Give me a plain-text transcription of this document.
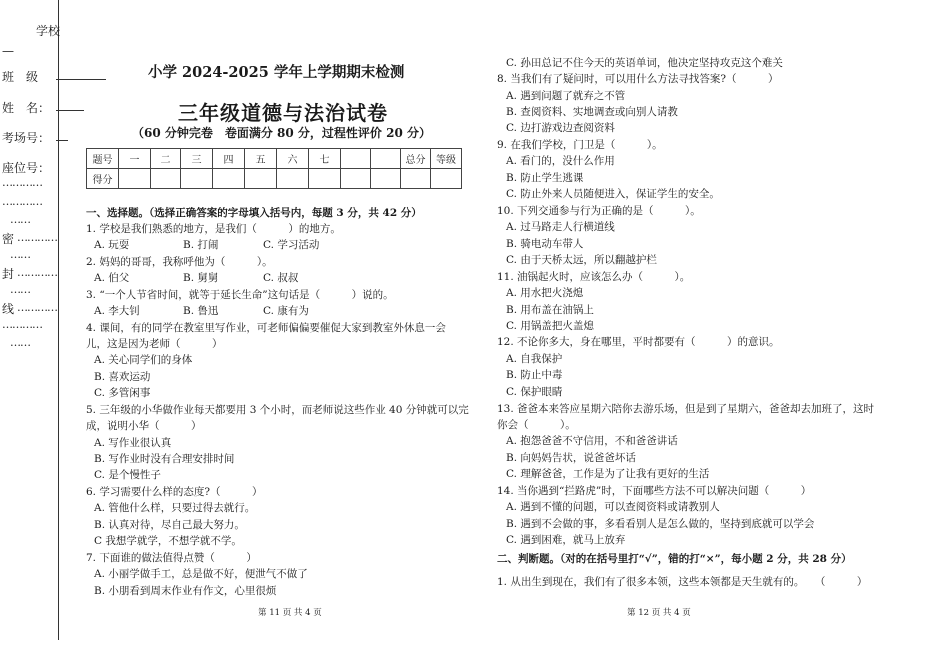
学校
—
班　级
姓　名：
考场号：
座位号：
…………
…………
……
密 …………
……
封 …………
……
线 …………
…………
……
小学 2024-2025 学年上学期期末检测
三年级道德与法治试卷
（60 分钟完卷　卷面满分 80 分，过程性评价 20 分）
题号	一	二	三	四	五	六	七			总分	等级
得分											
一、选择题。（选择正确答案的字母填入括号内，每题 3 分，共 42 分）
1. 学校是我们熟悉的地方，是我们（　　　）的地方。
A. 玩耍	B. 打闹	C. 学习活动
2. 妈妈的哥哥，我称呼他为（　　　）。
A. 伯父	B. 舅舅	C. 叔叔
3. “一个人节省时间，就等于延长生命”这句话是（　　　）说的。
A. 李大钊	B. 鲁迅	C. 康有为
4. 课间，有的同学在教室里写作业，可老师偏偏要催促大家到教室外休息一会
儿，这是因为老师（　　　）
A. 关心同学们的身体
B. 喜欢运动
C. 多管闲事
5. 三年级的小华做作业每天都要用 3 个小时，而老师说这些作业 40 分钟就可以完
成，说明小华（　　　）
A. 写作业很认真
B. 写作业时没有合理安排时间
C. 是个慢性子
6. 学习需要什么样的态度?（　　　）
A. 管他什么样，只要过得去就行。
B. 认真对待，尽自己最大努力。
C 我想学就学，不想学就不学。
7. 下面谁的做法值得点赞（　　　）
A. 小丽学做手工，总是做不好，便泄气不做了
B. 小朋看到周末作业有作文，心里很烦
第 11 页 共 4 页
C. 孙田总记不住今天的英语单词，他决定坚持攻克这个难关
8. 当我们有了疑问时，可以用什么方法寻找答案?（　　　）
A. 遇到问题了就弃之不管
B. 查阅资料、实地调查或向别人请教
C. 边打游戏边查阅资料
9. 在我们学校，门卫是（　　　）。
A. 看门的，没什么作用
B. 防止学生逃课
C. 防止外来人员随便进入，保证学生的安全。
10. 下列交通参与行为正确的是（　　　）。
A. 过马路走人行横道线
B. 骑电动车带人
C. 由于天桥太远，所以翻越护栏
11. 油锅起火时，应该怎么办（　　　）。
A. 用水把火浇熄
B. 用布盖在油锅上
C. 用锅盖把火盖熄
12. 不论你多大，身在哪里，平时都要有（　　　）的意识。
A. 自我保护
B. 防止中毒
C. 保护眼睛
13. 爸爸本来答应星期六陪你去游乐场，但是到了星期六，爸爸却去加班了，这时
你会（　　　）。
A. 抱怨爸爸不守信用，不和爸爸讲话
B. 向妈妈告状，说爸爸坏话
C. 理解爸爸，工作是为了让我有更好的生活
14. 当你遇到“拦路虎”时，下面哪些方法不可以解决问题（　　　）
A. 遇到不懂的问题，可以查阅资料或请教别人
B. 遇到不会做的事，多看看别人是怎么做的，坚持到底就可以学会
C. 遇到困难，就马上放弃
二、判断题。（对的在括号里打“√”，错的打“×”，每小题 2 分，共 28 分）
1. 从出生到现在，我们有了很多本领，这些本领都是天生就有的。　　（　　　）
第 12 页 共 4 页
